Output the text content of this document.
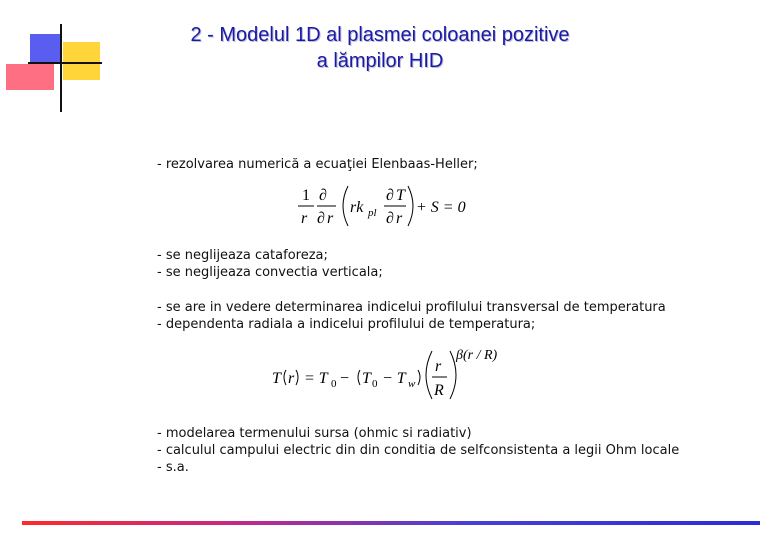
2 - Modelul 1D al plasmei coloanei pozitive
a lămpilor HID
- rezolvarea numerică a ecuaţiei Elenbaas-Heller;
1
r
∂
∂ r
rk pl
∂ T
∂ r
+ S = 0
- se neglijeaza cataforeza;
- se neglijeaza convectia verticala;
- se are in vedere determinarea indicelui profilului transversal de temperatura
- dependenta radiala a indicelui profilului de temperatura;
T r = T 0 − T 0 − T w
r
R
β(r / R)
- modelarea termenului sursa (ohmic si radiativ)
- calculul campului electric din din conditia de selfconsistenta a legii Ohm locale
- s.a.
